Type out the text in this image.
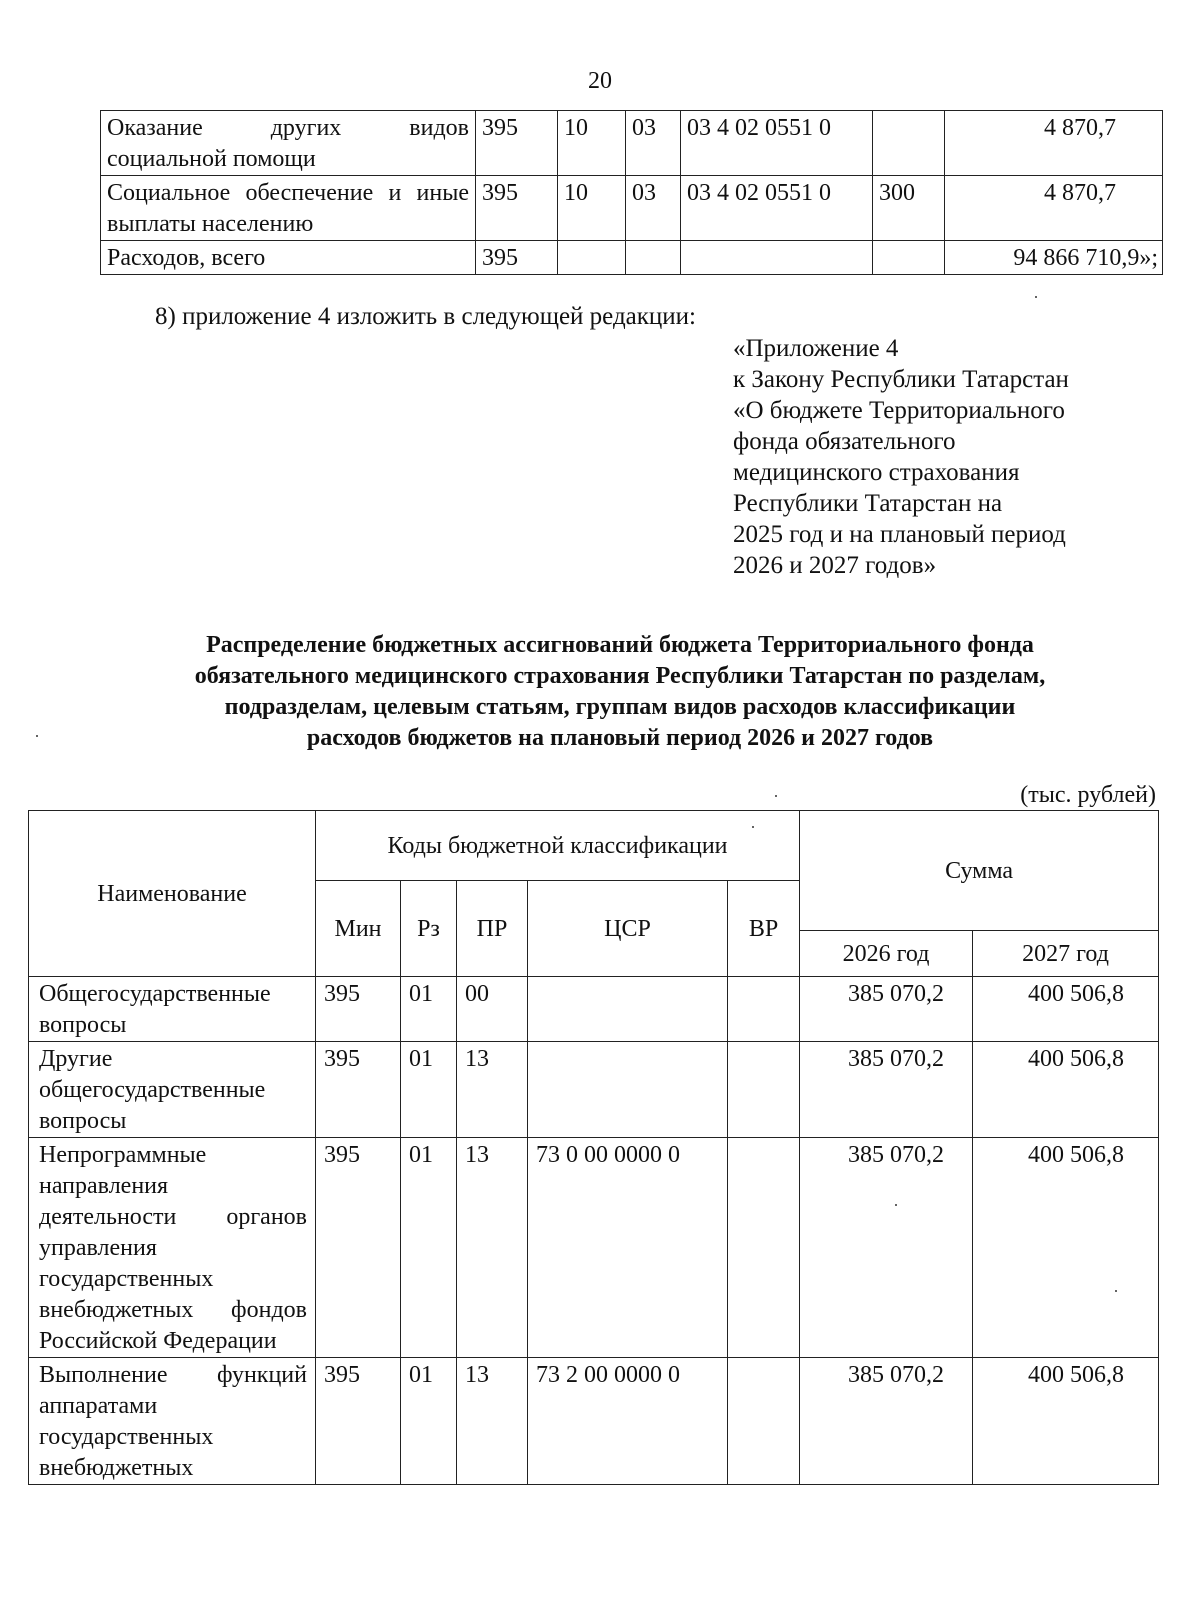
20
Оказание других видов социальной помощи	395	10	03	03 4 02 0551 0		4 870,7
Социальное обеспечение и иные выплаты населению	395	10	03	03 4 02 0551 0	300	4 870,7
Расходов, всего	395					94 866 710,9»;
8) приложение 4 изложить в следующей редакции:
«Приложение 4
к Закону Республики Татарстан
«О бюджете Территориального
фонда обязательного
медицинского страхования
Республики Татарстан на
2025 год и на плановый период
2026 и 2027 годов»
Распределение бюджетных ассигнований бюджета Территориального фонда
обязательного медицинского страхования Республики Татарстан по разделам,
подразделам, целевым статьям, группам видов расходов классификации
расходов бюджетов на плановый период 2026 и 2027 годов
(тыс. рублей)
Наименование	Коды бюджетной классификации					Сумма	
	Мин	Рз	ПР	ЦСР	ВР		
						2026 год	2027 год
Общегосударственные вопросы	395	01	00			385 070,2	400 506,8
Другие общегосударственные вопросы	395	01	13			385 070,2	400 506,8
Непрограммные направления деятельности органов управления государственных внебюджетных фондов Российской Федерации	395	01	13	73 0 00 0000 0		385 070,2	400 506,8
Выполнение функций аппаратами государственных внебюджетных	395	01	13	73 2 00 0000 0		385 070,2	400 506,8
